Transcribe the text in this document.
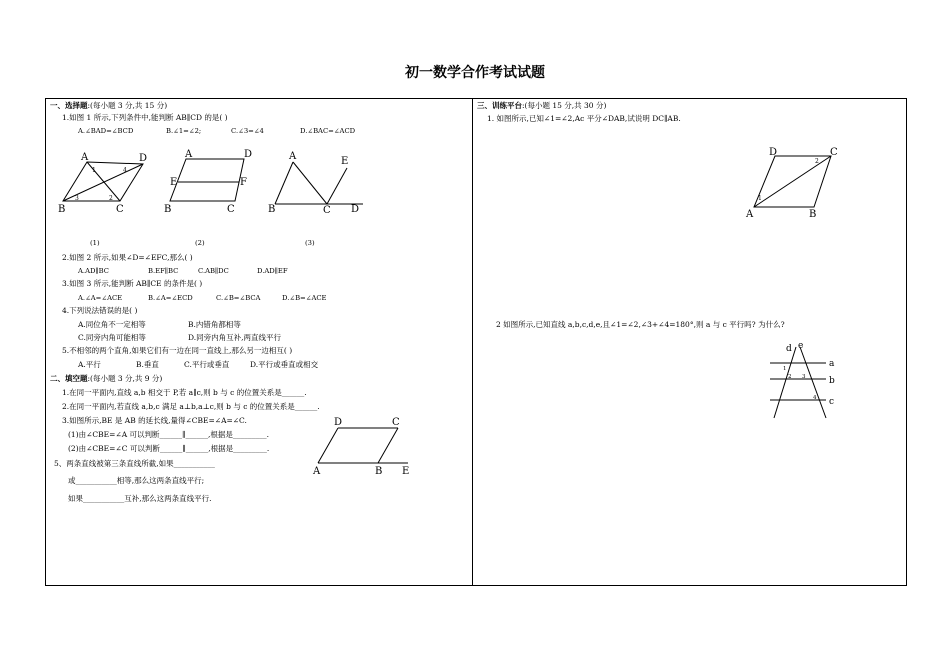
初一数学合作考试试题
一、选择题:(每小题 3 分,共 15 分)
1.如图 1 所示,下列条件中,能判断 AB∥CD 的是( )
A.∠BAD=∠BCD	B.∠1=∠2;	C.∠3=∠4	D.∠BAC=∠ACD
A	D
B	C
1	4
3	2
A	D
E	F
B	C
A	E
B	C D
(1)	(2)	(3)
2.如图 2 所示,如果∠D=∠EFC,那么( )
A.AD∥BC	B.EF∥BC	C.AB∥DC	D.AD∥EF
3.如图 3 所示,能判断 AB∥CE 的条件是( )
A.∠A=∠ACE	B.∠A=∠ECD	C.∠B=∠BCA	D.∠B=∠ACE
4.下列说法错误的是( )
A.同位角不一定相等	B.内错角都相等
C.同旁内角可能相等	D.同旁内角互补,两直线平行
5.不相邻的两个直角,如果它们有一边在同一直线上,那么另一边相互( )
A.平行	B.垂直	C.平行或垂直	D.平行或垂直或相交
二、填空题:(每小题 3 分,共 9 分)
1.在同一平面内,直线 a,b 相交于 P,若 a∥c,则 b 与 c 的位置关系是______.
2.在同一平面内,若直线 a,b,c 满足 a⊥b,a⊥c,则 b 与 c 的位置关系是______.
3.如图所示,BE 是 AB 的延长线,量得∠CBE=∠A=∠C.
(1)由∠CBE=∠A 可以判断______∥______,根据是_________.
(2)由∠CBE=∠C 可以判断______∥______,根据是_________.
D	C
A	B E
5、两条直线被第三条直线所截,如果___________
或___________相等,那么这两条直线平行;
如果___________互补,那么这两条直线平行.
三、训练平台:(每小题 15 分,共 30 分)
1. 如图所示,已知∠1=∠2,Ac 平分∠DAB,试说明 DC∥AB.
D	C
A	B
1
2
2 如图所示,已知直线 a,b,c,d,e,且∠1=∠2,∠3+∠4=180°,则 a 与 c 平行吗? 为什么?
d e
a
b
c
1
2 3
4
